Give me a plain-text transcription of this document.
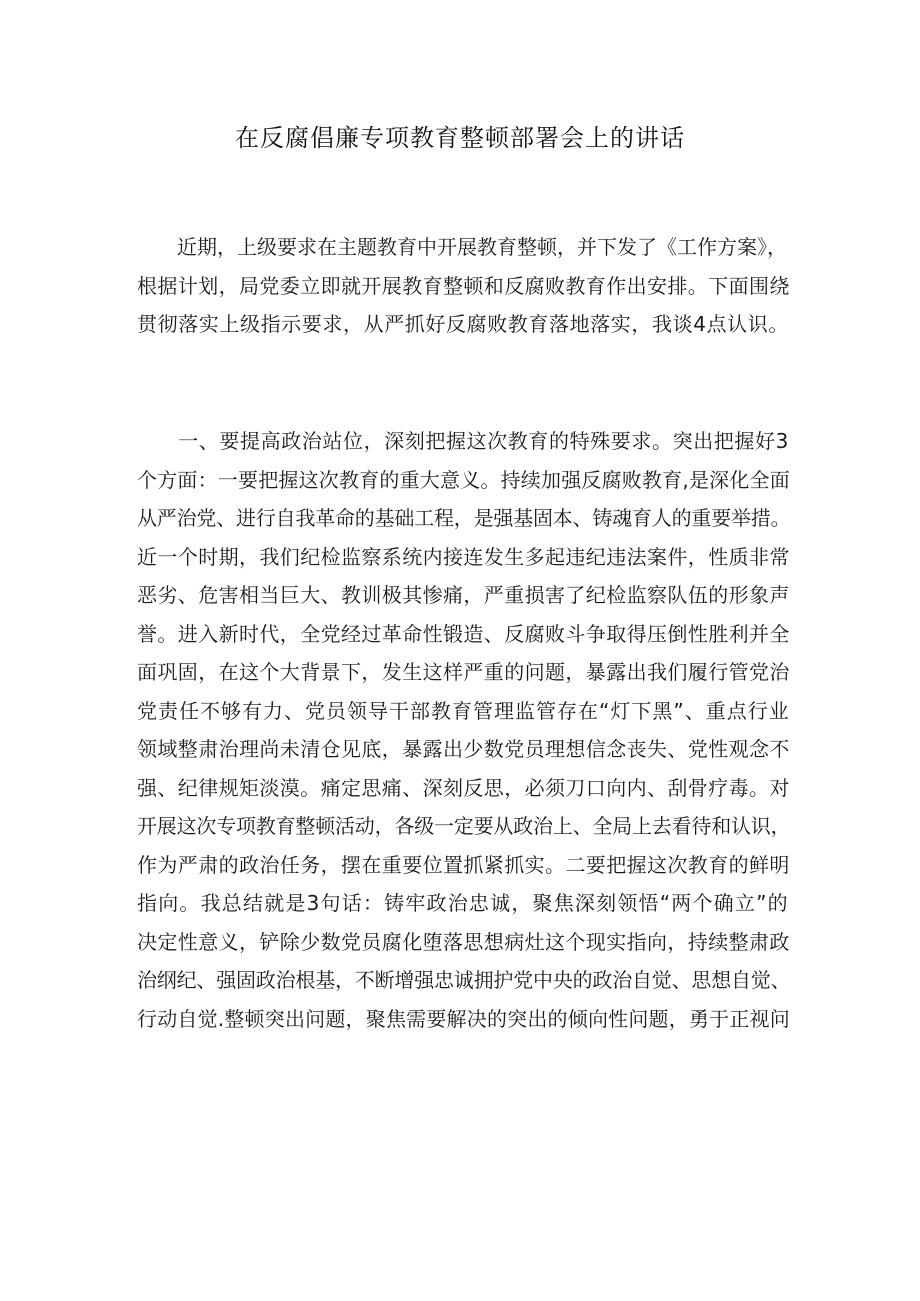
在反腐倡廉专项教育整顿部署会上的讲话
　　近期，上级要求在主题教育中开展教育整顿，并下发了《工作方案》，
根据计划，局党委立即就开展教育整顿和反腐败教育作出安排。下面围绕
贯彻落实上级指示要求，从严抓好反腐败教育落地落实，我谈4点认识。
　　一、要提高政治站位，深刻把握这次教育的特殊要求。突出把握好3
个方面：一要把握这次教育的重大意义。持续加强反腐败教育,是深化全面
从严治党、进行自我革命的基础工程，是强基固本、铸魂育人的重要举措。
近一个时期，我们纪检监察系统内接连发生多起违纪违法案件，性质非常
恶劣、危害相当巨大、教训极其惨痛，严重损害了纪检监察队伍的形象声
誉。进入新时代，全党经过革命性锻造、反腐败斗争取得压倒性胜利并全
面巩固，在这个大背景下，发生这样严重的问题，暴露出我们履行管党治
党责任不够有力、党员领导干部教育管理监管存在“灯下黑”、重点行业
领域整肃治理尚未清仓见底，暴露出少数党员理想信念丧失、党性观念不
强、纪律规矩淡漠。痛定思痛、深刻反思，必须刀口向内、刮骨疗毒。对
开展这次专项教育整顿活动，各级一定要从政治上、全局上去看待和认识，
作为严肃的政治任务，摆在重要位置抓紧抓实。二要把握这次教育的鲜明
指向。我总结就是3句话：铸牢政治忠诚，聚焦深刻领悟“两个确立”的
决定性意义，铲除少数党员腐化堕落思想病灶这个现实指向，持续整肃政
治纲纪、强固政治根基，不断增强忠诚拥护党中央的政治自觉、思想自觉、
行动自觉.整顿突出问题，聚焦需要解决的突出的倾向性问题，勇于正视问
